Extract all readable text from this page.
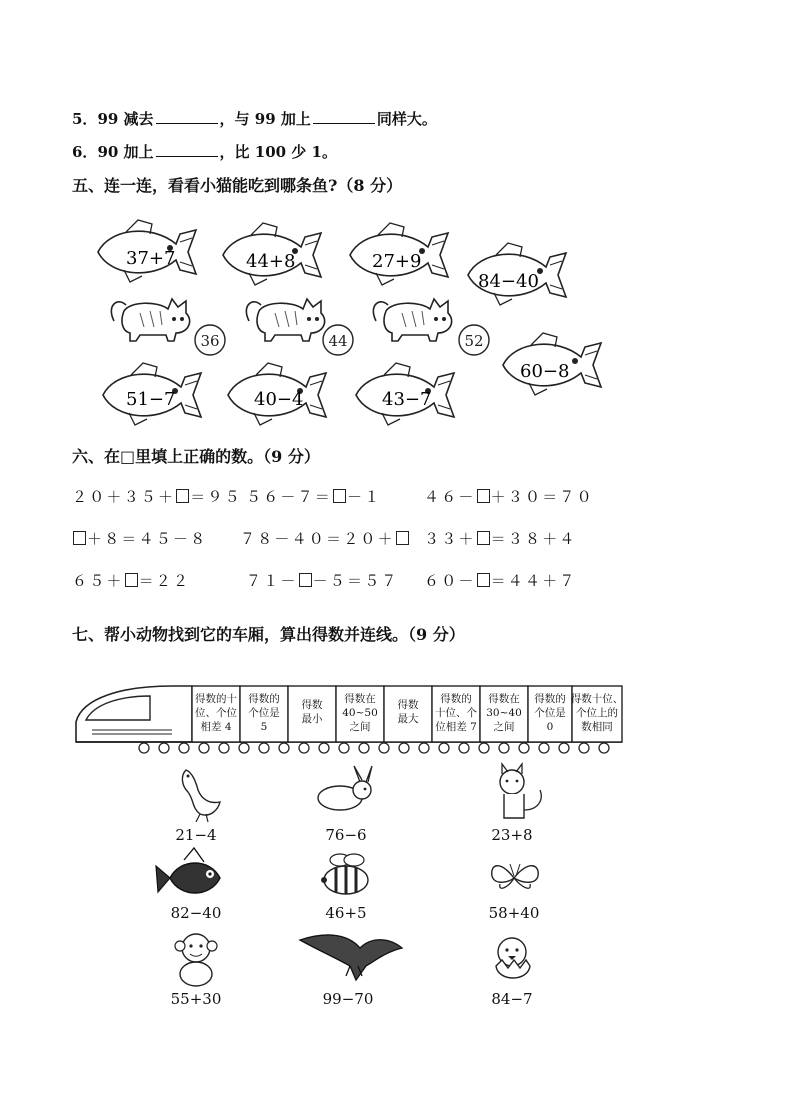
5．99 减去	，与 99 加上	同样大。
6．90 加上	，比 100 少 1。
五、连一连，看看小猫能吃到哪条鱼?（8 分）
37+7	44+8	27+9
84−40
36	44	52
60−8
51−7	40−4	43−7
六、在□里填上正确的数。（9 分）
２０＋３５＋ ＝９５ ５６－７＝ －１	４６－ ＋３０＝７０
＋８＝４５－８ ７８－４０＝２０＋	３３＋ ＝３８＋４
６５＋ ＝２２	７１－ －５＝５７ ６０－ ＝４４＋７
七、帮小动物找到它的车厢，算出得数并连线。（9 分）
得数的十
位、个位
相差 4
得数的
个位是
5
得数
最小
得数在
40~50
之间
得数
最大
得数的
十位、个
位相差 7
得数在
30~40
之间
得数的
个位是
0
得数十位、
个位上的
数相同
21−4	76−6	23+8
82−40	46+5	58+40
55+30	99−70	84−7
